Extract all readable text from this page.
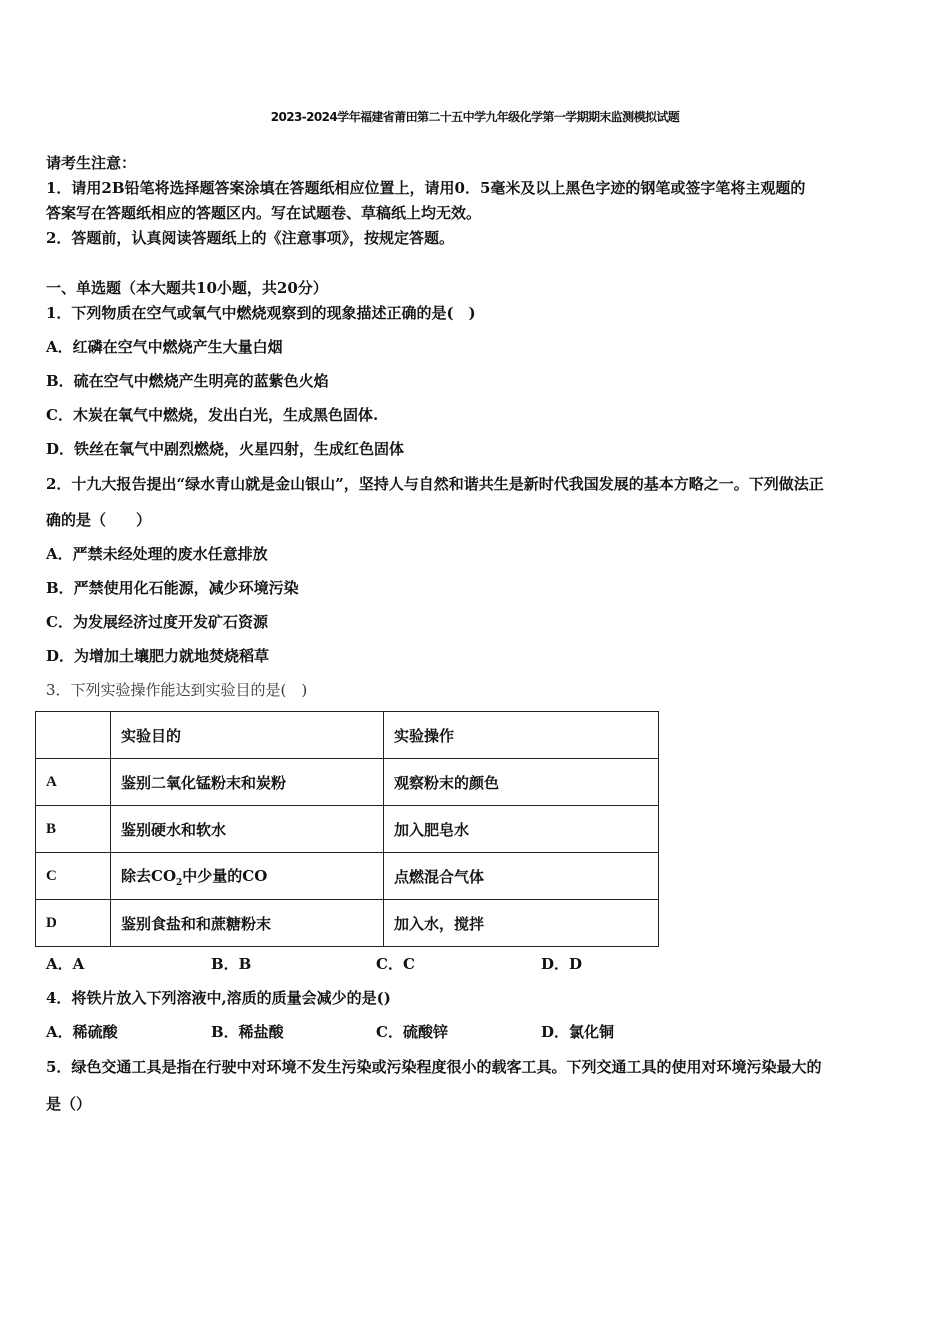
2023-2024学年福建省莆田第二十五中学九年级化学第一学期期末监测模拟试题
请考生注意：
1．请用2B铅笔将选择题答案涂填在答题纸相应位置上，请用0．5毫米及以上黑色字迹的钢笔或签字笔将主观题的
答案写在答题纸相应的答题区内。写在试题卷、草稿纸上均无效。
2．答题前，认真阅读答题纸上的《注意事项》，按规定答题。
一、单选题（本大题共10小题，共20分）
1．下列物质在空气或氧气中燃烧观察到的现象描述正确的是(　)
A．红磷在空气中燃烧产生大量白烟
B．硫在空气中燃烧产生明亮的蓝紫色火焰
C．木炭在氧气中燃烧，发出白光，生成黑色固体.
D．铁丝在氧气中剧烈燃烧，火星四射，生成红色固体
2．十九大报告提出“绿水青山就是金山银山”，坚持人与自然和谐共生是新时代我国发展的基本方略之一。下列做法正
确的是（　　）
A．严禁未经处理的废水任意排放
B．严禁使用化石能源，减少环境污染
C．为发展经济过度开发矿石资源
D．为增加土壤肥力就地焚烧稻草
3．下列实验操作能达到实验目的是(　)
	实验目的	实验操作
A	鉴别二氧化锰粉末和炭粉	观察粉末的颜色
B	鉴别硬水和软水	加入肥皂水
C	除去$CO_2$中少量的CO	点燃混合气体
D	鉴别食盐和和蔗糖粉末	加入水，搅拌
A．A	B．B	C．C	D．D
4．将铁片放入下列溶液中,溶质的质量会减少的是()
A．稀硫酸	B．稀盐酸	C．硫酸锌	D．氯化铜
5．绿色交通工具是指在行驶中对环境不发生污染或污染程度很小的载客工具。下列交通工具的使用对环境污染最大的
是（）
